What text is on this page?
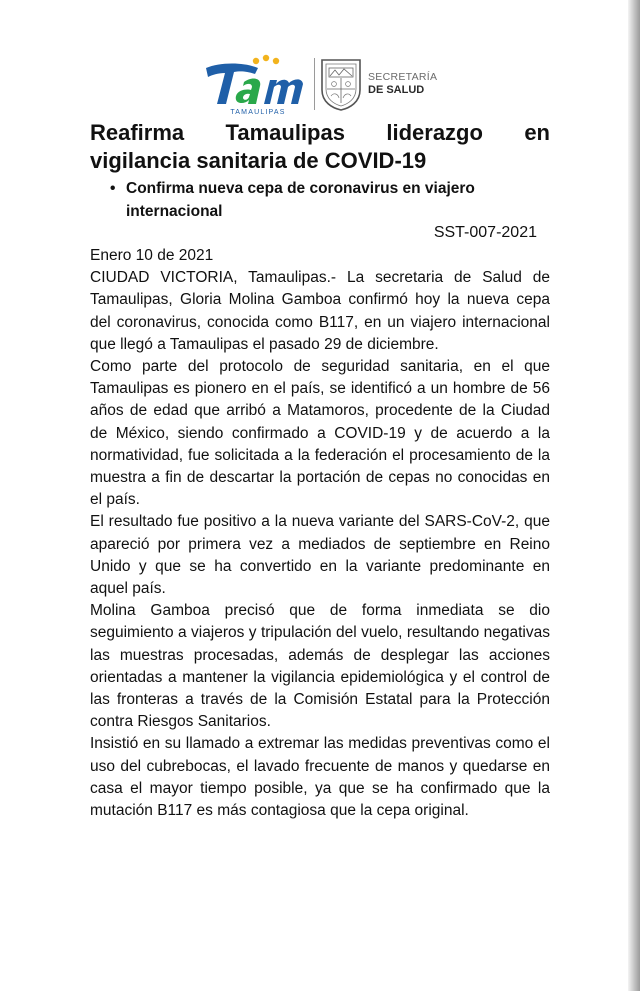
TAMAULIPAS
SECRETARÍA
DE SALUD
Reafirma Tamaulipas liderazgo en vigilancia sanitaria de COVID-19
• Confirma nueva cepa de coronavirus en viajero internacional
SST-007-2021

Enero 10 de 2021

CIUDAD VICTORIA, Tamaulipas.- La secretaria de Salud de Tamaulipas, Gloria Molina Gamboa confirmó hoy la nueva cepa del coronavirus, conocida como B117, en un viajero internacional que llegó a Tamaulipas el pasado 29 de diciembre.

Como parte del protocolo de seguridad sanitaria, en el que Tamaulipas es pionero en el país, se identificó a un hombre de 56 años de edad que arribó a Matamoros, procedente de la Ciudad de México, siendo confirmado a COVID-19 y de acuerdo a la normatividad, fue solicitada a la federación el procesamiento de la muestra a fin de descartar la portación de cepas no conocidas en el país.

El resultado fue positivo a la nueva variante del SARS-CoV-2, que apareció por primera vez a mediados de septiembre en Reino Unido y que se ha convertido en la variante predominante en aquel país.

Molina Gamboa precisó que de forma inmediata se dio seguimiento a viajeros y tripulación del vuelo, resultando negativas las muestras procesadas, además de desplegar las acciones orientadas a mantener la vigilancia epidemiológica y el control de las fronteras a través de la Comisión Estatal para la Protección contra Riesgos Sanitarios.

Insistió en su llamado a extremar las medidas preventivas como el uso del cubrebocas, el lavado frecuente de manos y quedarse en casa el mayor tiempo posible, ya que se ha confirmado que la mutación B117 es más contagiosa que la cepa original.
